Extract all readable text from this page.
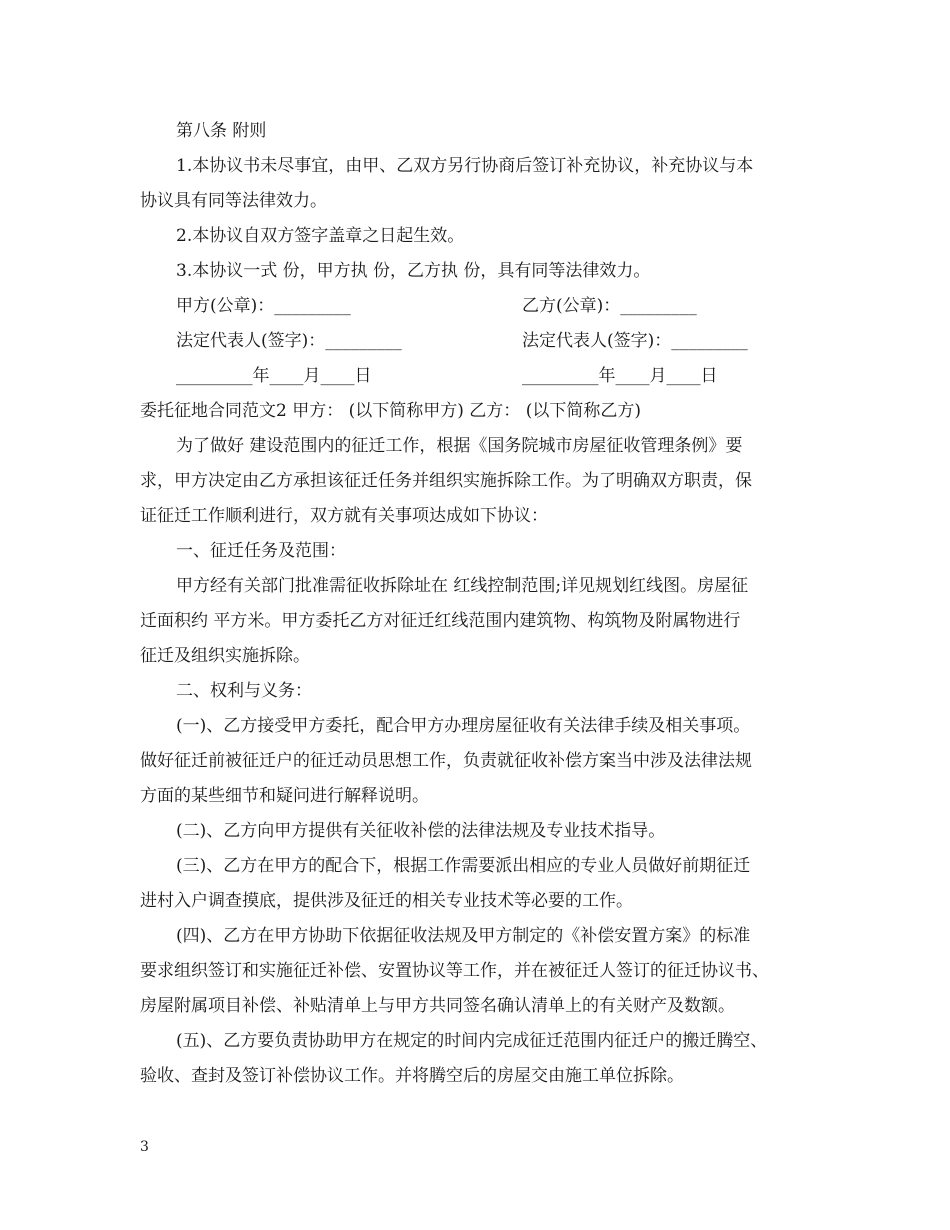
第八条 附则
1.本协议书未尽事宜，由甲、乙双方另行协商后签订补充协议，补充协议与本
协议具有同等法律效力。
2.本协议自双方签字盖章之日起生效。
3.本协议一式 份，甲方执 份，乙方执 份，具有同等法律效力。
甲方(公章)：_________	乙方(公章)：_________
法定代表人(签字)：_________	法定代表人(签字)：_________
_________年____月____日	_________年____月____日
委托征地合同范文2 甲方： (以下简称甲方) 乙方： (以下简称乙方)
为了做好 建设范围内的征迁工作，根据《国务院城市房屋征收管理条例》要
求，甲方决定由乙方承担该征迁任务并组织实施拆除工作。为了明确双方职责，保
证征迁工作顺利进行，双方就有关事项达成如下协议：
一、征迁任务及范围：
甲方经有关部门批准需征收拆除址在 红线控制范围;详见规划红线图。房屋征
迁面积约 平方米。甲方委托乙方对征迁红线范围内建筑物、构筑物及附属物进行
征迁及组织实施拆除。
二、权利与义务：
(一)、乙方接受甲方委托，配合甲方办理房屋征收有关法律手续及相关事项。
做好征迁前被征迁户的征迁动员思想工作，负责就征收补偿方案当中涉及法律法规
方面的某些细节和疑问进行解释说明。
(二)、乙方向甲方提供有关征收补偿的法律法规及专业技术指导。
(三)、乙方在甲方的配合下，根据工作需要派出相应的专业人员做好前期征迁
进村入户调查摸底，提供涉及征迁的相关专业技术等必要的工作。
(四)、乙方在甲方协助下依据征收法规及甲方制定的《补偿安置方案》的标准
要求组织签订和实施征迁补偿、安置协议等工作，并在被征迁人签订的征迁协议书、
房屋附属项目补偿、补贴清单上与甲方共同签名确认清单上的有关财产及数额。
(五)、乙方要负责协助甲方在规定的时间内完成征迁范围内征迁户的搬迁腾空、
验收、查封及签订补偿协议工作。并将腾空后的房屋交由施工单位拆除。
3
